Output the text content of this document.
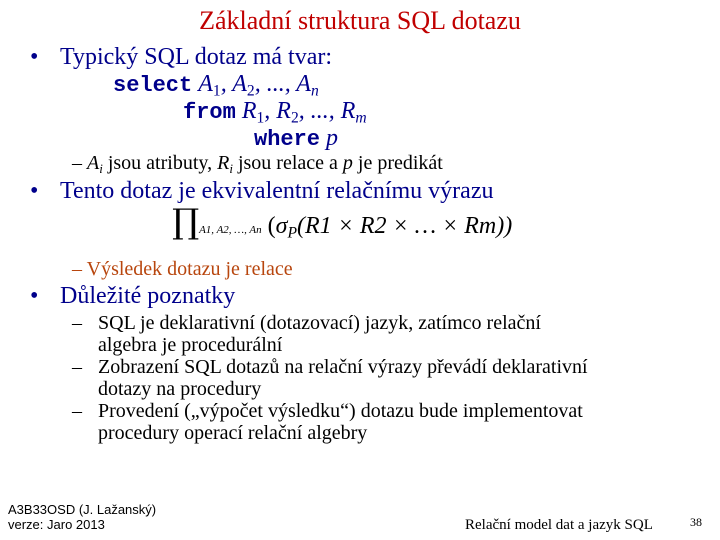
Základní struktura SQL dotazu
• Typický SQL dotaz má tvar:
select $A_1$, $A_2$, ..., $A_n$
from $R_1$, $R_2$, ..., $R_m$
where p
– $A_i$ jsou atributy, $R_i$ jsou relace a p je predikát
• Tento dotaz je ekvivalentní relačnímu výrazu
∏A1, A2, …, An ($\sigma_P(R1 \times R2$ × … × Rm))
– Výsledek dotazu je relace
• Důležité poznatky
– SQL je deklarativní (dotazovací) jazyk, zatímco relační
algebra je procedurální
– Zobrazení SQL dotazů na relační výrazy převádí deklarativní
dotazy na procedury
– Provedení („výpočet výsledku“) dotazu bude implementovat
procedury operací relační algebry
A3B33OSD (J. Lažanský)
verze: Jaro 2013	Relační model dat a jazyk SQL	38
